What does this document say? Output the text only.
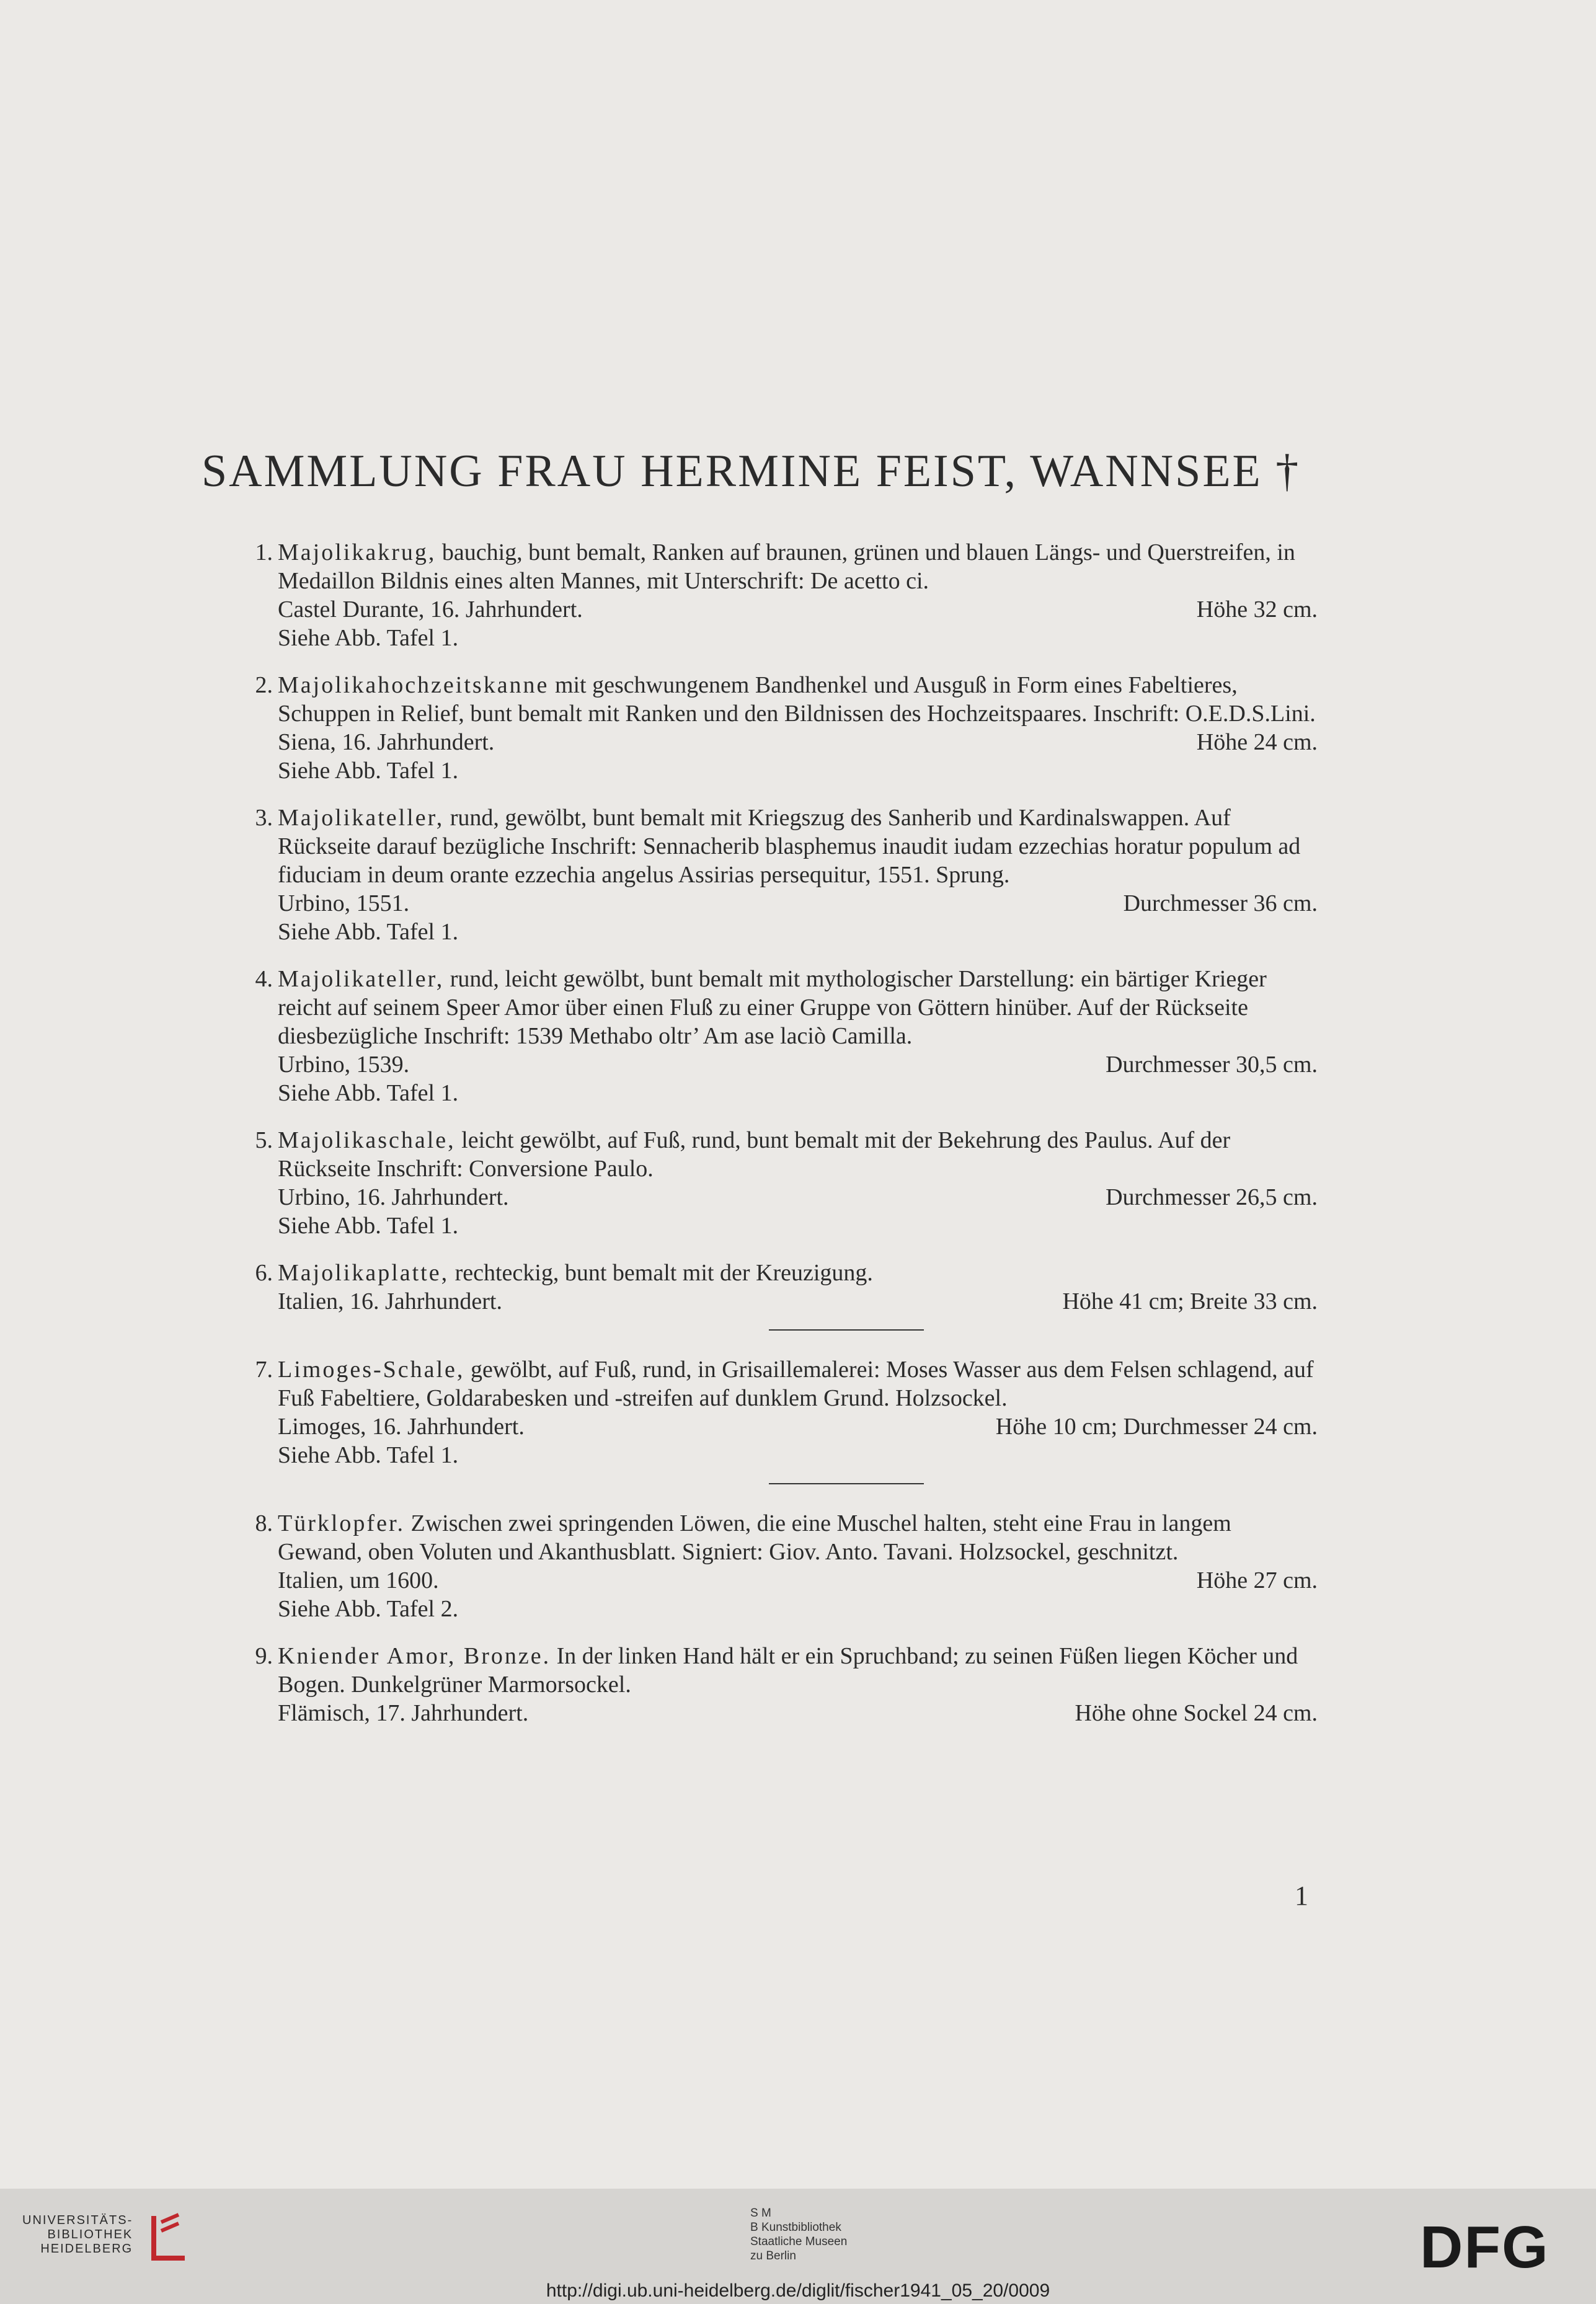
SAMMLUNG FRAU HERMINE FEIST, WANNSEE †
1. Majolikakrug, bauchig, bunt bemalt, Ranken auf braunen, grünen und blauen Längs- und Querstreifen, in Medaillon Bildnis eines alten Mannes, mit Unterschrift: De acetto ci.
Castel Durante, 16. Jahrhundert.	Höhe 32 cm.
Siehe Abb. Tafel 1.
2. Majolikahochzeitskanne mit geschwungenem Bandhenkel und Ausguß in Form eines Fabeltieres, Schuppen in Relief, bunt bemalt mit Ranken und den Bildnissen des Hochzeitspaares. Inschrift: O.E.D.S.Lini.
Siena, 16. Jahrhundert.	Höhe 24 cm.
Siehe Abb. Tafel 1.
3. Majolikateller, rund, gewölbt, bunt bemalt mit Kriegszug des Sanherib und Kardinalswappen. Auf Rückseite darauf bezügliche Inschrift: Sennacherib blasphemus inaudit iudam ezzechias horatur populum ad fiduciam in deum orante ezzechia angelus Assirias persequitur, 1551. Sprung.
Urbino, 1551.	Durchmesser 36 cm.
Siehe Abb. Tafel 1.
4. Majolikateller, rund, leicht gewölbt, bunt bemalt mit mythologischer Darstellung: ein bärtiger Krieger reicht auf seinem Speer Amor über einen Fluß zu einer Gruppe von Göttern hinüber. Auf der Rückseite diesbezügliche Inschrift: 1539 Methabo oltr’ Am ase laciò Camilla.
Urbino, 1539.	Durchmesser 30,5 cm.
Siehe Abb. Tafel 1.
5. Majolikaschale, leicht gewölbt, auf Fuß, rund, bunt bemalt mit der Bekehrung des Paulus. Auf der Rückseite Inschrift: Conversione Paulo.
Urbino, 16. Jahrhundert.	Durchmesser 26,5 cm.
Siehe Abb. Tafel 1.
6. Majolikaplatte, rechteckig, bunt bemalt mit der Kreuzigung.
Italien, 16. Jahrhundert.	Höhe 41 cm; Breite 33 cm.
7. Limoges-Schale, gewölbt, auf Fuß, rund, in Grisaillemalerei: Moses Wasser aus dem Felsen schlagend, auf Fuß Fabeltiere, Goldarabesken und -streifen auf dunklem Grund. Holzsockel.
Limoges, 16. Jahrhundert.	Höhe 10 cm; Durchmesser 24 cm.
Siehe Abb. Tafel 1.
8. Türklopfer. Zwischen zwei springenden Löwen, die eine Muschel halten, steht eine Frau in langem Gewand, oben Voluten und Akanthusblatt. Signiert: Giov. Anto. Tavani. Holzsockel, geschnitzt.
Italien, um 1600.	Höhe 27 cm.
Siehe Abb. Tafel 2.
9. Kniender Amor, Bronze. In der linken Hand hält er ein Spruchband; zu seinen Füßen liegen Köcher und Bogen. Dunkelgrüner Marmorsockel.
Flämisch, 17. Jahrhundert.	Höhe ohne Sockel 24 cm.
1
UNIVERSITÄTS-
BIBLIOTHEK
HEIDELBERG
S M
B Kunstbibliothek
Staatliche Museen
zu Berlin	DFG
http://digi.ub.uni-heidelberg.de/diglit/fischer1941_05_20/0009
